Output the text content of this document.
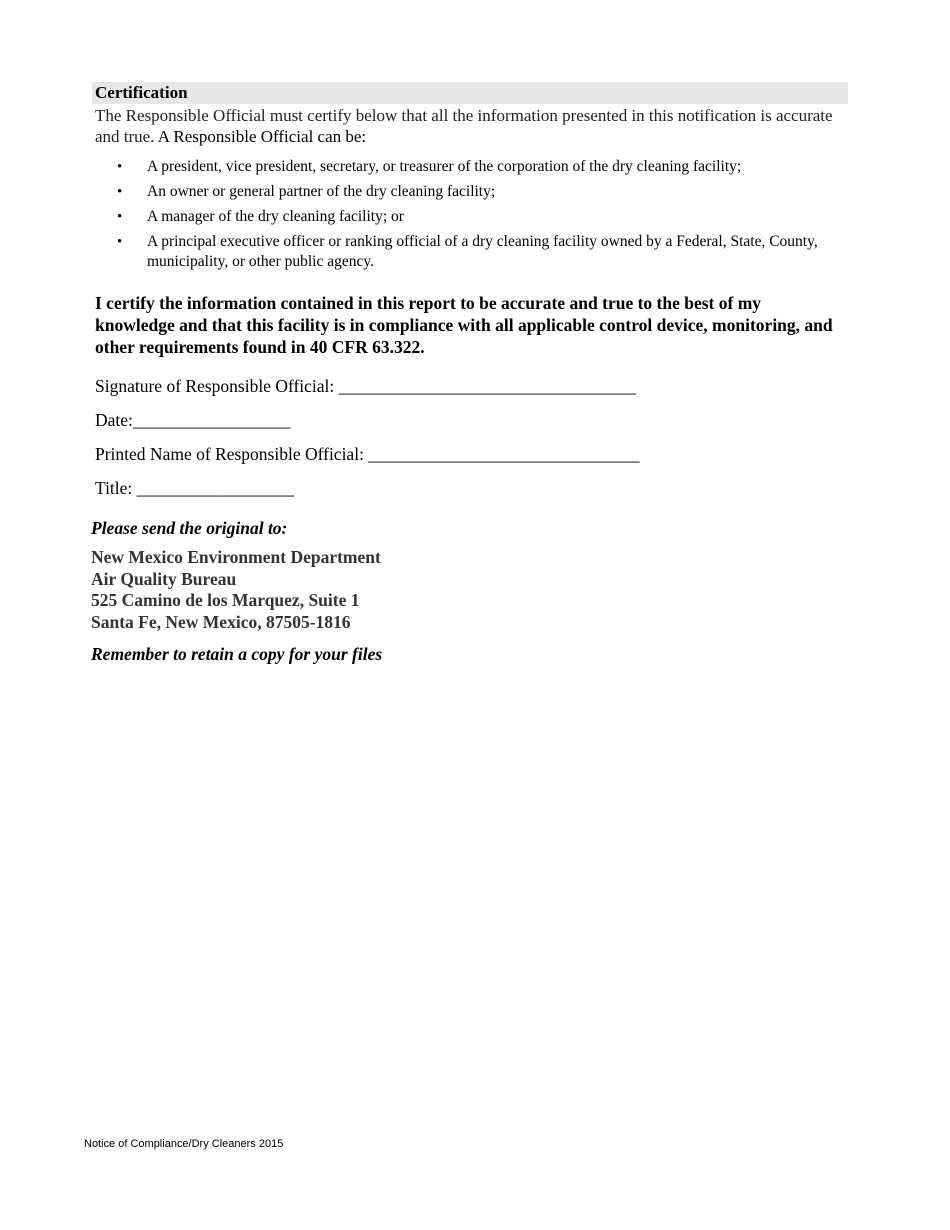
Certification
The Responsible Official must certify below that all the information presented in this notification is accurate and true. A Responsible Official can be:
• A president, vice president, secretary, or treasurer of the corporation of the dry cleaning facility;
• An owner or general partner of the dry cleaning facility;
• A manager of the dry cleaning facility; or
• A principal executive officer or ranking official of a dry cleaning facility owned by a Federal, State, County, municipality, or other public agency.
I certify the information contained in this report to be accurate and true to the best of my knowledge and that this facility is in compliance with all applicable control device, monitoring, and other requirements found in 40 CFR 63.322.
Signature of Responsible Official: __________________________________
Date:__________________
Printed Name of Responsible Official: _______________________________
Title: __________________
Please send the original to:
New Mexico Environment Department
Air Quality Bureau
525 Camino de los Marquez, Suite 1
Santa Fe, New Mexico, 87505-1816
Remember to retain a copy for your files
Notice of Compliance/Dry Cleaners 2015
